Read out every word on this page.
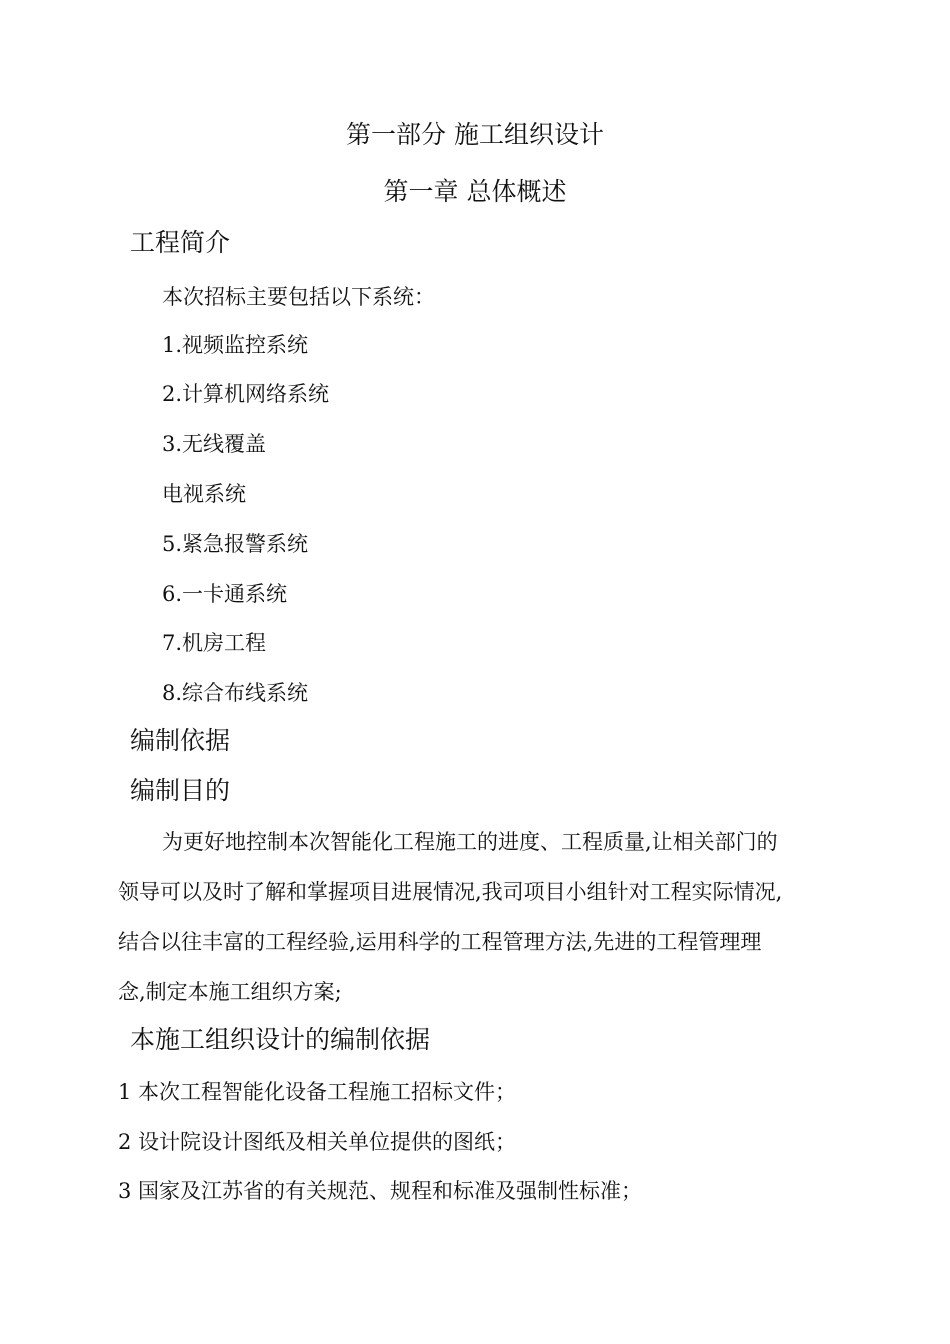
第一部分 施工组织设计
第一章 总体概述
工程简介
本次招标主要包括以下系统：
1.视频监控系统
2.计算机网络系统
3.无线覆盖
电视系统
5.紧急报警系统
6.一卡通系统
7.机房工程
8.综合布线系统
编制依据
编制目的
为更好地控制本次智能化工程施工的进度、工程质量,让相关部门的
领导可以及时了解和掌握项目进展情况,我司项目小组针对工程实际情况,
结合以往丰富的工程经验,运用科学的工程管理方法,先进的工程管理理
念,制定本施工组织方案;
本施工组织设计的编制依据
1 本次工程智能化设备工程施工招标文件；
2 设计院设计图纸及相关单位提供的图纸；
3 国家及江苏省的有关规范、规程和标准及强制性标准；
